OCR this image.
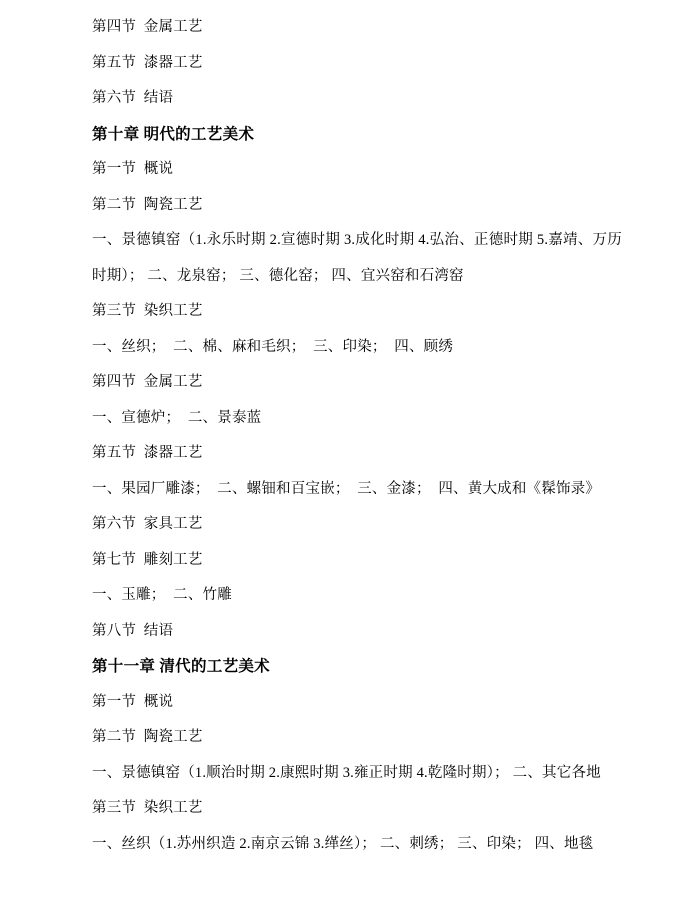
第四节  金属工艺
第五节  漆器工艺
第六节  结语
第十章 明代的工艺美术
第一节  概说
第二节  陶瓷工艺
一、景德镇窑（1.永乐时期 2.宣德时期 3.成化时期 4.弘治、正德时期 5.嘉靖、万历时期）； 二、龙泉窑； 三、德化窑； 四、宜兴窑和石湾窑
第三节  染织工艺
一、丝织；  二、棉、麻和毛织；  三、印染；  四、顾绣
第四节  金属工艺
一、宣德炉；  二、景泰蓝
第五节  漆器工艺
一、果园厂雕漆；  二、螺钿和百宝嵌；  三、金漆；  四、黄大成和《髹饰录》
第六节  家具工艺
第七节  雕刻工艺
一、玉雕；  二、竹雕
第八节  结语
第十一章 清代的工艺美术
第一节  概说
第二节  陶瓷工艺
一、景德镇窑（1.顺治时期 2.康熙时期 3.雍正时期 4.乾隆时期）； 二、其它各地
第三节  染织工艺
一、丝织（1.苏州织造 2.南京云锦 3.缂丝）； 二、刺绣； 三、印染； 四、地毯
